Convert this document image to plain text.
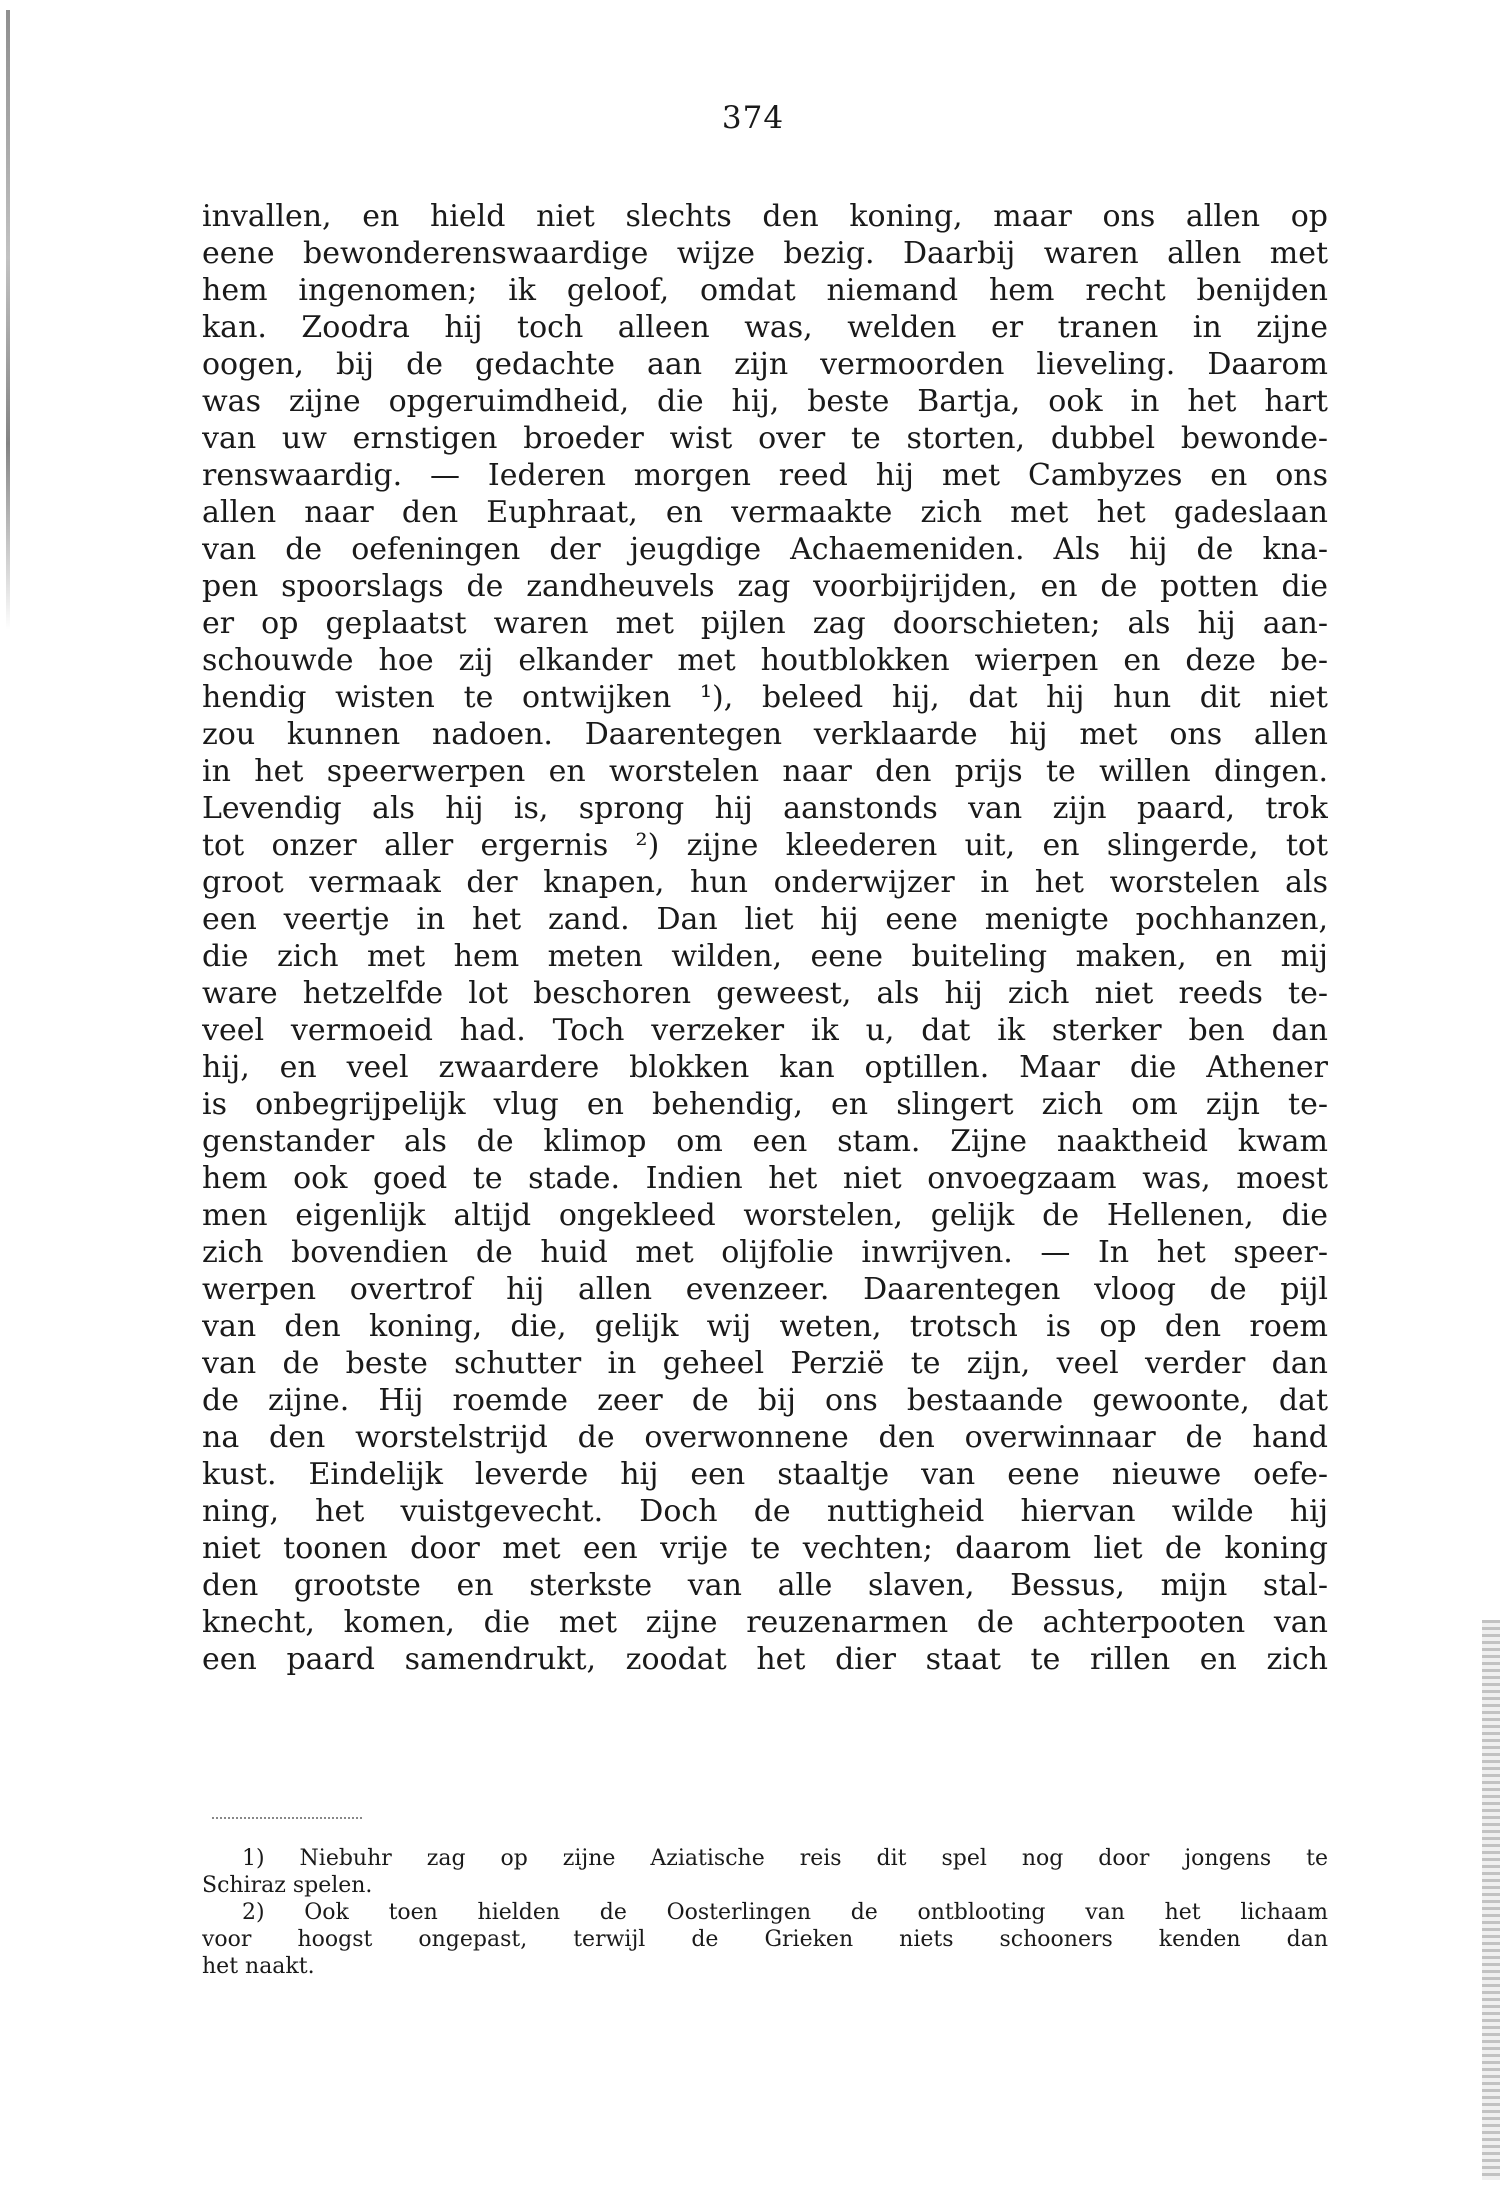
374
invallen, en hield niet slechts den koning, maar ons allen op
eene bewonderenswaardige wijze bezig. Daarbij waren allen met
hem ingenomen; ik geloof, omdat niemand hem recht benijden
kan. Zoodra hij toch alleen was, welden er tranen in zijne
oogen, bij de gedachte aan zijn vermoorden lieveling. Daarom
was zijne opgeruimdheid, die hij, beste Bartja, ook in het hart
van uw ernstigen broeder wist over te storten, dubbel bewonde-
renswaardig. — Iederen morgen reed hij met Cambyzes en ons
allen naar den Euphraat, en vermaakte zich met het gadeslaan
van de oefeningen der jeugdige Achaemeniden. Als hij de kna-
pen spoorslags de zandheuvels zag voorbijrijden, en de potten die
er op geplaatst waren met pijlen zag doorschieten; als hij aan-
schouwde hoe zij elkander met houtblokken wierpen en deze be-
hendig wisten te ontwijken ¹), beleed hij, dat hij hun dit niet
zou kunnen nadoen. Daarentegen verklaarde hij met ons allen
in het speerwerpen en worstelen naar den prijs te willen dingen.
Levendig als hij is, sprong hij aanstonds van zijn paard, trok
tot onzer aller ergernis ²) zijne kleederen uit, en slingerde, tot
groot vermaak der knapen, hun onderwijzer in het worstelen als
een veertje in het zand. Dan liet hij eene menigte pochhanzen,
die zich met hem meten wilden, eene buiteling maken, en mij
ware hetzelfde lot beschoren geweest, als hij zich niet reeds te-
veel vermoeid had. Toch verzeker ik u, dat ik sterker ben dan
hij, en veel zwaardere blokken kan optillen. Maar die Athener
is onbegrijpelijk vlug en behendig, en slingert zich om zijn te-
genstander als de klimop om een stam. Zijne naaktheid kwam
hem ook goed te stade. Indien het niet onvoegzaam was, moest
men eigenlijk altijd ongekleed worstelen, gelijk de Hellenen, die
zich bovendien de huid met olijfolie inwrijven. — In het speer-
werpen overtrof hij allen evenzeer. Daarentegen vloog de pijl
van den koning, die, gelijk wij weten, trotsch is op den roem
van de beste schutter in geheel Perzië te zijn, veel verder dan
de zijne. Hij roemde zeer de bij ons bestaande gewoonte, dat
na den worstelstrijd de overwonnene den overwinnaar de hand
kust. Eindelijk leverde hij een staaltje van eene nieuwe oefe-
ning, het vuistgevecht. Doch de nuttigheid hiervan wilde hij
niet toonen door met een vrije te vechten; daarom liet de koning
den grootste en sterkste van alle slaven, Bessus, mijn stal-
knecht, komen, die met zijne reuzenarmen de achterpooten van
een paard samendrukt, zoodat het dier staat te rillen en zich
1) Niebuhr zag op zijne Aziatische reis dit spel nog door jongens te
Schiraz spelen.
2) Ook toen hielden de Oosterlingen de ontblooting van het lichaam
voor hoogst ongepast, terwijl de Grieken niets schooners kenden dan
het naakt.
